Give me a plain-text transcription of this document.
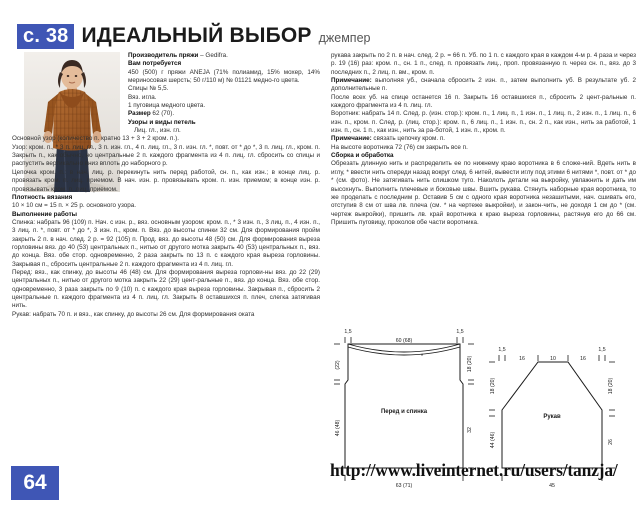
с. 38 ИДЕАЛЬНЫЙ ВЫБОР джемпер

Производитель пряжи – Gedifra.

Вам потребуется

450 (500) г пряжи ANEJA (71% полиамид, 15% мохер, 14% мериносовая шерсть; 50 г/110 м) № 01121 медно-го цвета.

Спицы № 5,5.

Вяз. игла.

1 пуговица медного цвета.

Размер 62 (70).

Узоры и виды петель

Лиц. гл., изн. гл.

Основной узор (количество п. кратно 13 + 3 + 2 кром. п.).

Узор: кром. п., * 3 п. лиц. гл., 3 п. изн. гл., 4 п. лиц. гл., 3 п. изн. гл. *, повт. от * до *, 3 п. лиц. гл., кром. п. Закрыть п., как обычно, но центральные 2 п. каждого фрагмента из 4 п. лиц. гл. сбросить со спицы и распустить вертикально вниз вплоть до наборного р.

Цепочка кром. п.: в нач. лиц. р. перекинуть нить перед работой, сн. п., как изн.; в конце лиц. р. провязать кром. п. лиц. приемом. В нач. изн. р. провязывать кром. п. изн. приемом; в конце изн. р. провязывать кром. п. лиц. приемом.

Плотность вязания

10 × 10 см = 15 п. × 25 р. основного узора.

Выполнение работы

Спинка: набрать 96 (109) п. Нач. с изн. р., вяз. основным узором: кром. п., * 3 изн. п., 3 лиц. п., 4 изн. п., 3 лиц. п. *, повт. от * до *, 3 изн. п., кром. п. Вяз. до высоты спинки 32 см. Для формирования пройм закрыть 2 п. в нач. след. 2 р. = 92 (105) п. Прод. вяз. до высоты 48 (50) см. Для формирования выреза горловины вяз. до 40 (53) центральных п., нитью от другого мотка закрыть 40 (53) центральных п., вяз. до конца. Вяз. обе стор. одновременно, 2 раза закрыть по 13 п. с каждого края выреза горловины. Закрывая п., сбросить центральные 2 п. каждого фрагмента из 4 п. лиц. гл.

Перед: вяз., как спинку, до высоты 46 (48) см. Для формирования выреза горлови-ны вяз. до 22 (29) центральных п., нитью от другого мотка закрыть 22 (29) цент-ральные п., вяз. до конца. Вяз. обе стор. одновременно, 3 раза закрыть по 9 (10) п. с каждого края выреза горловины. Закрывая п., сбросить 2 центральные п. каждого фрагмента из 4 п. лиц. гл. Закрыть 8 оставшихся п. плеч, слегка затягивая нить.

Рукав: набрать 70 п. и вяз., как спинку, до высоты 26 см. Для формирования оката

рукава закрыть по 2 п. в нач. след. 2 р. = 66 п. Уб. по 1 п. с каждого края в каждом 4-м р. 4 раза и через р. 19 (16) раз: кром. п., сн. 1 п., след. п. провязать лиц., проп. провязанную п. через сн. п., вяз. до 3 последних п., 2 лиц. п. вм., кром. п.

Примечание: выполняя уб., сначала сбросить 2 изн. п., затем выполнить уб. В результате уб. 2 дополнительные п.

После всех уб. на спице останется 16 п. Закрыть 16 оставшихся п., сбросить 2 цент-ральные п. каждого фрагмента из 4 п. лиц. гл.

Воротник: набрать 14 п. След. р. (изн. стор.): кром. п., 1 лиц. п., 1 изн. п., 1 лиц. п., 2 изн. п., 1 лиц. п., 6 изн. п., кром. п. След. р. (лиц. стор.): кром. п., 6 лиц. п., 1 изн. п., сн. 2 п., как изн., нить за работой, 1 изн. п., сн. 1 п., как изн., нить за ра-ботой, 1 изн. п., кром. п.

Примечание: связать цепочку кром. п.

На высоте воротника 72 (76) см закрыть все п.

Сборка и обработка

Обрезать длинную нить и распределить ее по нижнему краю воротника в 6 сложе-ний. Вдеть нить в иглу, * ввести нить спереди назад вокруг след. 6 нитей, вывести иглу под этими 6 нитями *, повт. от * до * (см. фото). Не затягивать нить слишком туго. Наколоть детали на выкройку, увлажнить и дать им высохнуть. Выполнить плечевые и боковые швы. Вшить рукава. Стянуть наборные края воротника, то же проделать с последним р. Оставив 5 см с одного края воротника незашитыми, нач. сшивать его, отступив 8 см от шва лв. плеча (см. * на чертеже выкройки), и закон-чить, не доходя 1 см до * (см. чертеж выкройки), пришить лв. край воротника к краю выреза горловины, растянув его до 66 см. Пришить пуговицу, проколов обе части воротника.

1,5	1,5
60 (68)
63 (71)
(22)
46 (48)
18 (20)
32
*
Перед и спинка
1,5	1,5
16	10	16
45
18 (20)
44 (46)
18 (20)
26
Рукав
http://www.liveinternet.ru/users/tanzja/
64
